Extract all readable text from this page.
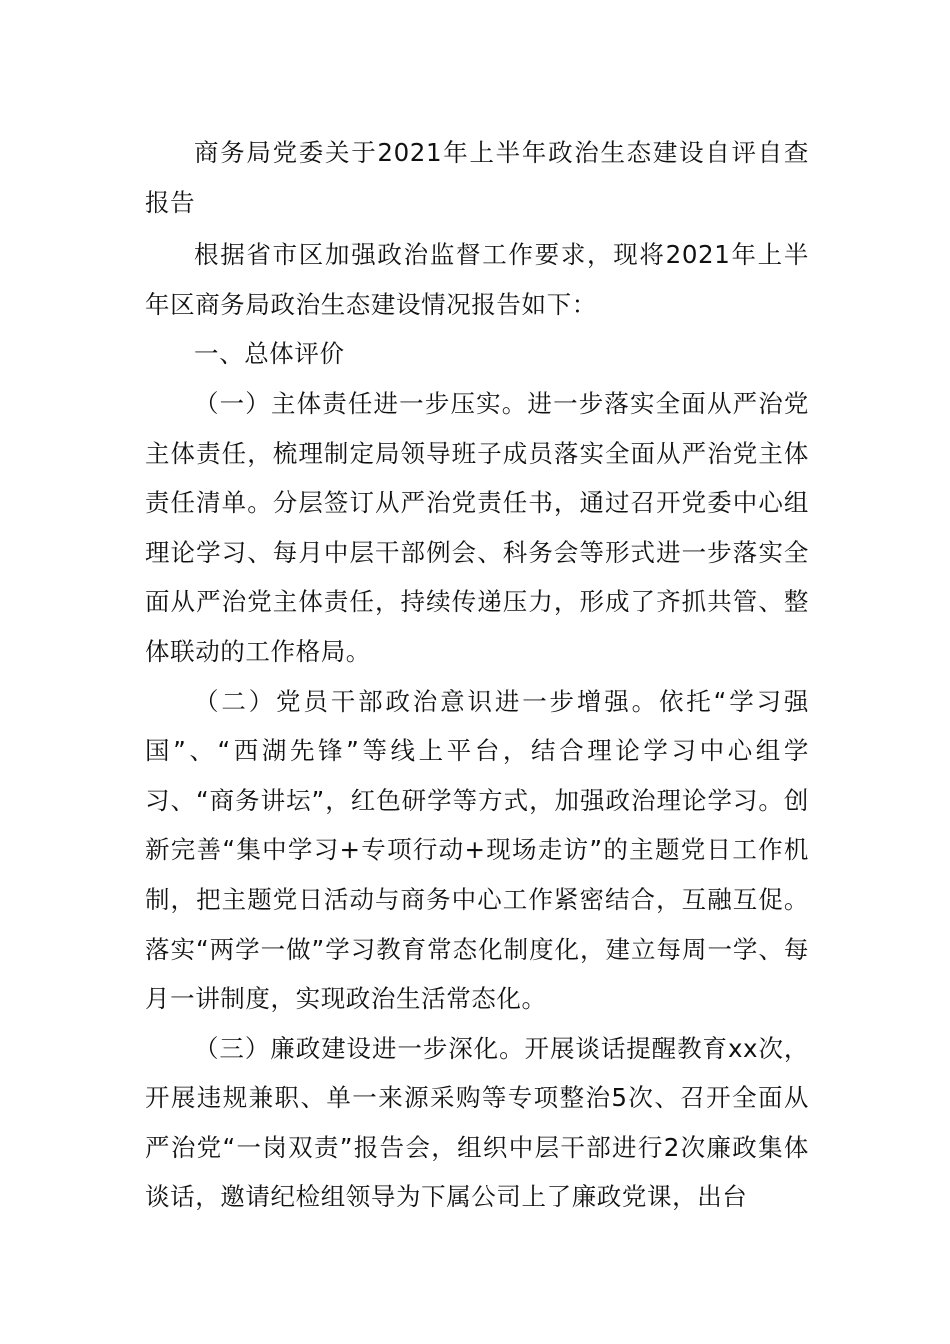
商务局党委关于2021年上半年政治生态建设自评自查报告

根据省市区加强政治监督工作要求，现将2021年上半年区商务局政治生态建设情况报告如下：

一、总体评价

（一）主体责任进一步压实。进一步落实全面从严治党主体责任，梳理制定局领导班子成员落实全面从严治党主体责任清单。分层签订从严治党责任书，通过召开党委中心组理论学习、每月中层干部例会、科务会等形式进一步落实全面从严治党主体责任，持续传递压力，形成了齐抓共管、整体联动的工作格局。

（二）党员干部政治意识进一步增强。依托“学习强国”、“西湖先锋”等线上平台，结合理论学习中心组学习、“商务讲坛”，红色研学等方式，加强政治理论学习。创新完善“集中学习+专项行动+现场走访”的主题党日工作机制，把主题党日活动与商务中心工作紧密结合，互融互促。落实“两学一做”学习教育常态化制度化，建立每周一学、每月一讲制度，实现政治生活常态化。

（三）廉政建设进一步深化。开展谈话提醒教育xx次，开展违规兼职、单一来源采购等专项整治5次、召开全面从严治党“一岗双责”报告会，组织中层干部进行2次廉政集体谈话，邀请纪检组领导为下属公司上了廉政党课，出台
